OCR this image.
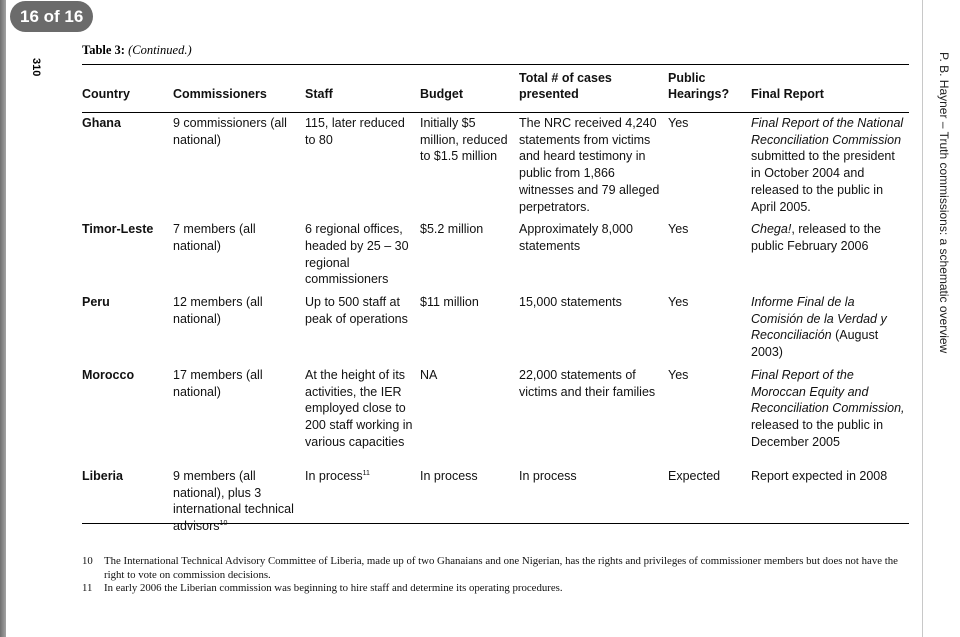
P. B. Hayner – Truth commissions: a schematic overview
310
Table 3: (Continued.)
Country	Commissioners	Staff	Budget	Total # of cases presented	Public Hearings?	Final Report
Ghana	9 commissioners (all national)	115, later reduced to 80	Initially $5 million, reduced to $1.5 million	The NRC received 4,240 statements from victims and heard testimony in public from 1,866 witnesses and 79 alleged perpetrators.	Yes	Final Report of the National Reconciliation Commission submitted to the president in October 2004 and released to the public in April 2005.
Timor-Leste	7 members (all national)	6 regional offices, headed by 25 – 30 regional commissioners	$5.2 million	Approximately 8,000 statements	Yes	Chega!, released to the public February 2006
Peru	12 members (all national)	Up to 500 staff at peak of operations	$11 million	15,000 statements	Yes	Informe Final de la Comisión de la Verdad y Reconciliación (August 2003)
Morocco	17 members (all national)	At the height of its activities, the IER employed close to 200 staff working in various capacities	NA	22,000 statements of victims and their families	Yes	Final Report of the Moroccan Equity and Reconciliation Commission, released to the public in December 2005
Liberia	9 members (all national), plus 3 international technical advisors$^{10}$	In process$^{11}$	In process	In process	Expected	Report expected in 2008
10	The International Technical Advisory Committee of Liberia, made up of two Ghanaians and one Nigerian, has the rights and privileges of commissioner members but does not have the right to vote on commission decisions.
11	In early 2006 the Liberian commission was beginning to hire staff and determine its operating procedures.
16 of 16
